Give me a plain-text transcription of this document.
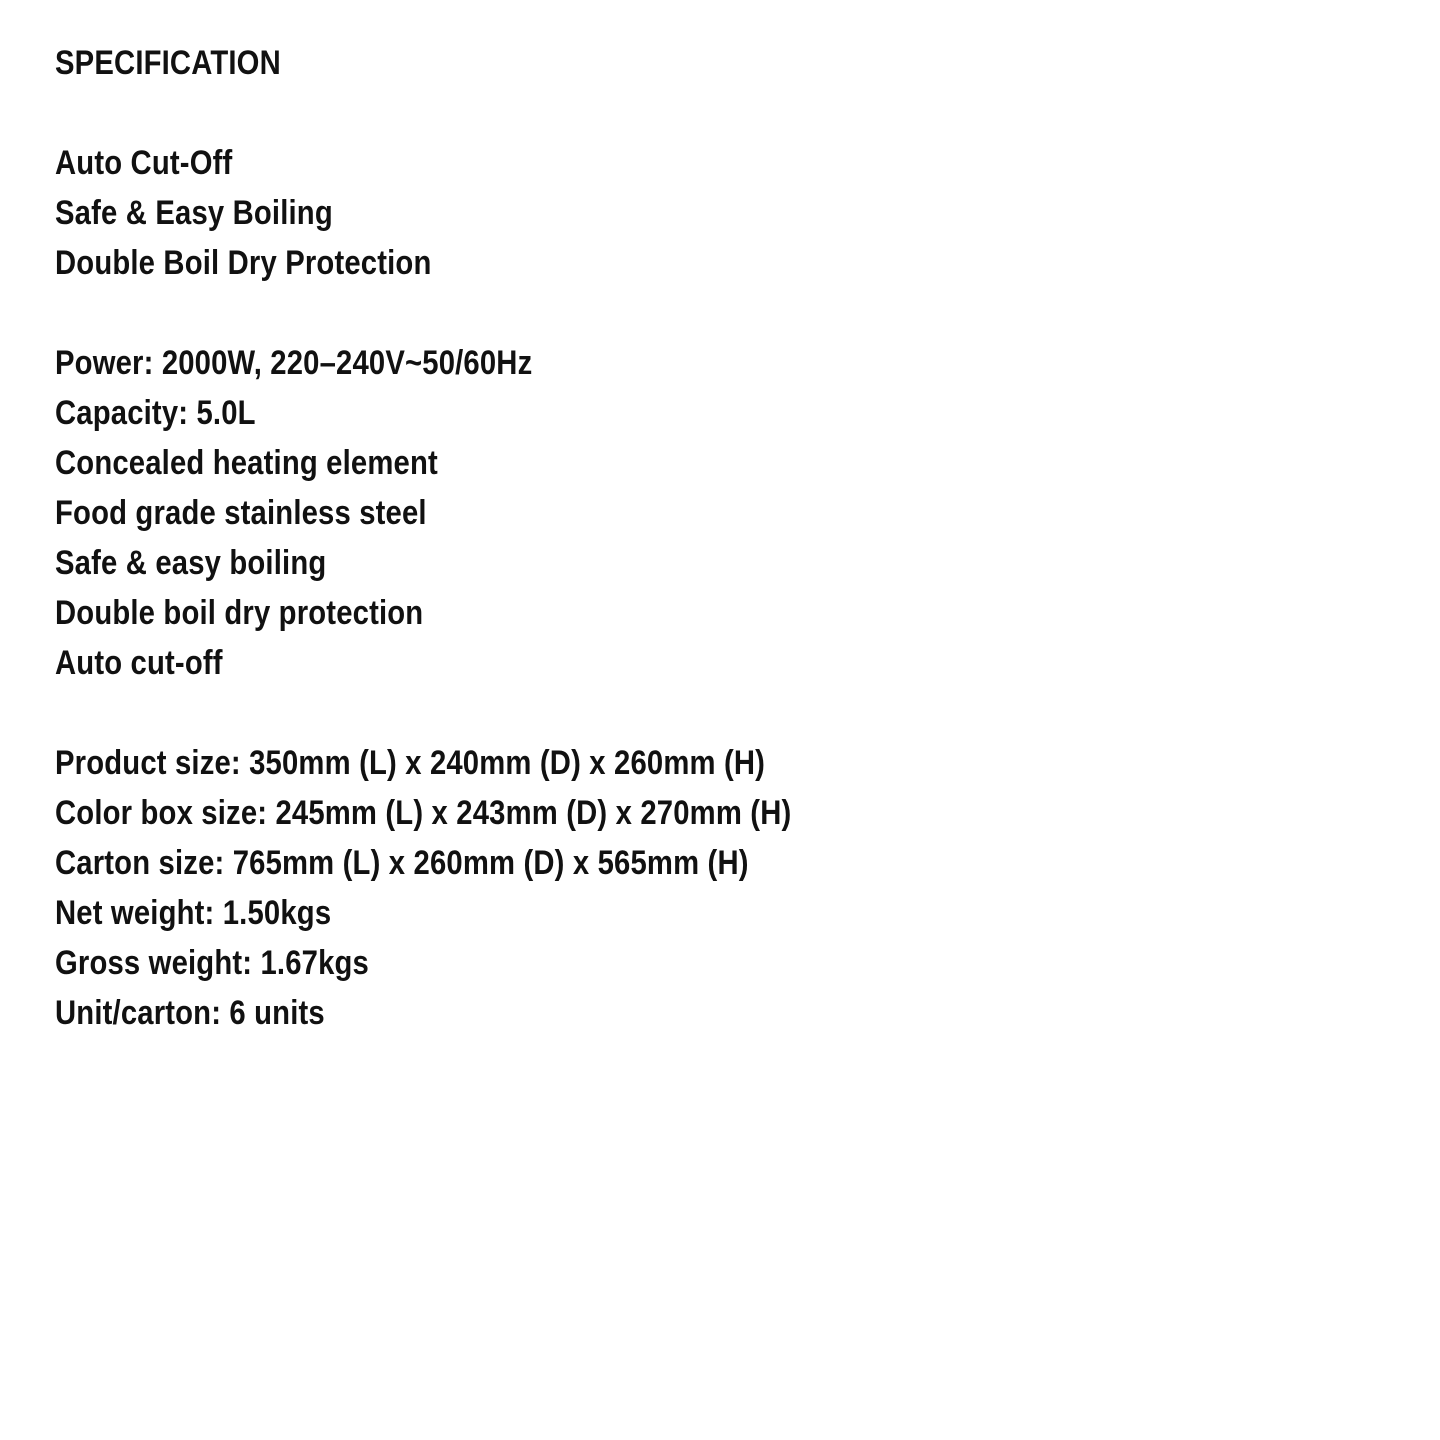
SPECIFICATION
Auto Cut-Off
Safe & Easy Boiling
Double Boil Dry Protection
Power: 2000W, 220–240V~50/60Hz
Capacity: 5.0L
Concealed heating element
Food grade stainless steel
Safe & easy boiling
Double boil dry protection
Auto cut-off
Product size: 350mm (L) x 240mm (D) x 260mm (H)
Color box size: 245mm (L) x 243mm (D) x 270mm (H)
Carton size: 765mm (L) x 260mm (D) x 565mm (H)
Net weight: 1.50kgs
Gross weight: 1.67kgs
Unit/carton: 6 units
